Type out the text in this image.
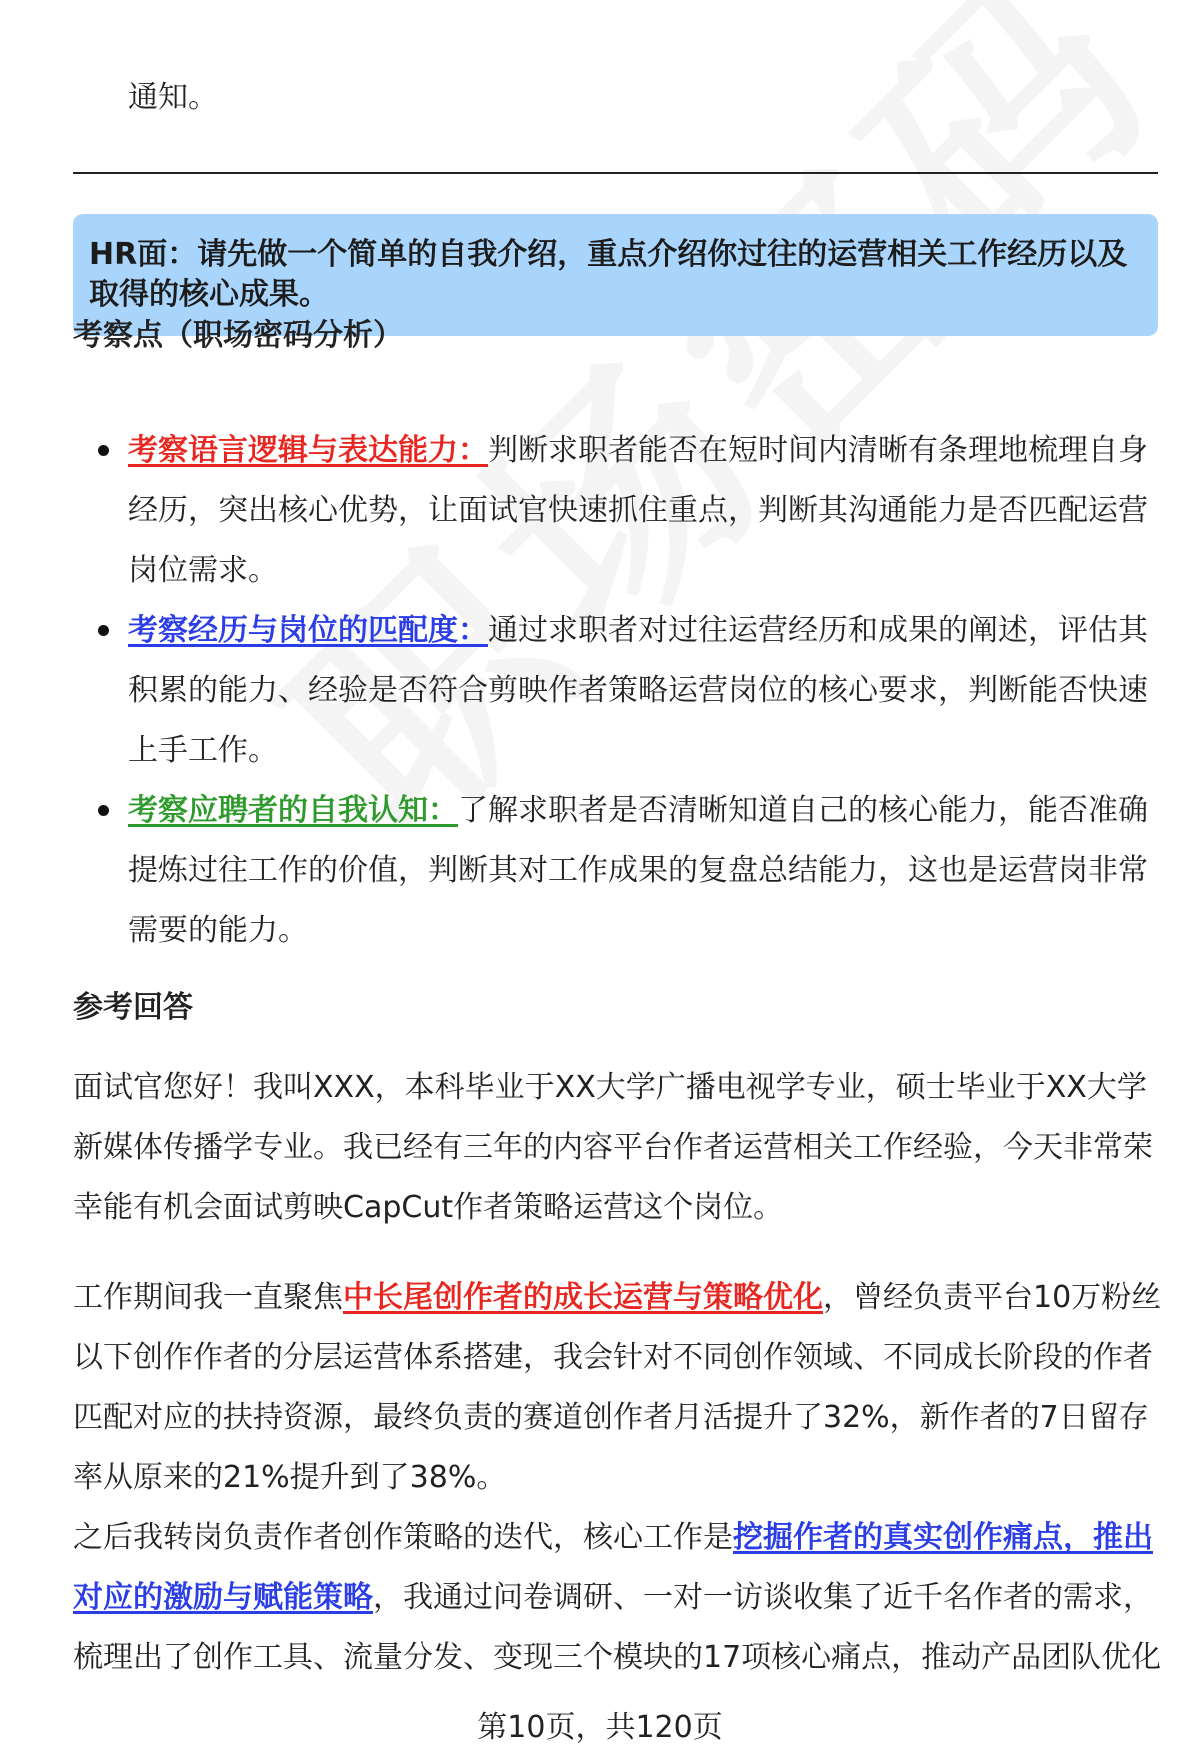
通知。
HR面：请先做一个简单的自我介绍，重点介绍你过往的运营相关工作经历以及取得的核心成果。
考察点（职场密码分析）
考察语言逻辑与表达能力：判断求职者能否在短时间内清晰有条理地梳理自身经历，突出核心优势，让面试官快速抓住重点，判断其沟通能力是否匹配运营岗位需求。
考察经历与岗位的匹配度：通过求职者对过往运营经历和成果的阐述，评估其积累的能力、经验是否符合剪映作者策略运营岗位的核心要求，判断能否快速上手工作。
考察应聘者的自我认知：了解求职者是否清晰知道自己的核心能力，能否准确提炼过往工作的价值，判断其对工作成果的复盘总结能力，这也是运营岗非常需要的能力。
参考回答
面试官您好！我叫XXX，本科毕业于XX大学广播电视学专业，硕士毕业于XX大学新媒体传播学专业。我已经有三年的内容平台作者运营相关工作经验，今天非常荣幸能有机会面试剪映CapCut作者策略运营这个岗位。
工作期间我一直聚焦中长尾创作者的成长运营与策略优化，曾经负责平台10万粉丝以下创作作者的分层运营体系搭建，我会针对不同创作领域、不同成长阶段的作者匹配对应的扶持资源，最终负责的赛道创作者月活提升了32%，新作者的7日留存率从原来的21%提升到了38%。
之后我转岗负责作者创作策略的迭代，核心工作是挖掘作者的真实创作痛点，推出对应的激励与赋能策略，我通过问卷调研、一对一访谈收集了近千名作者的需求，梳理出了创作工具、流量分发、变现三个模块的17项核心痛点，推动产品团队优化
第10页，共120页
